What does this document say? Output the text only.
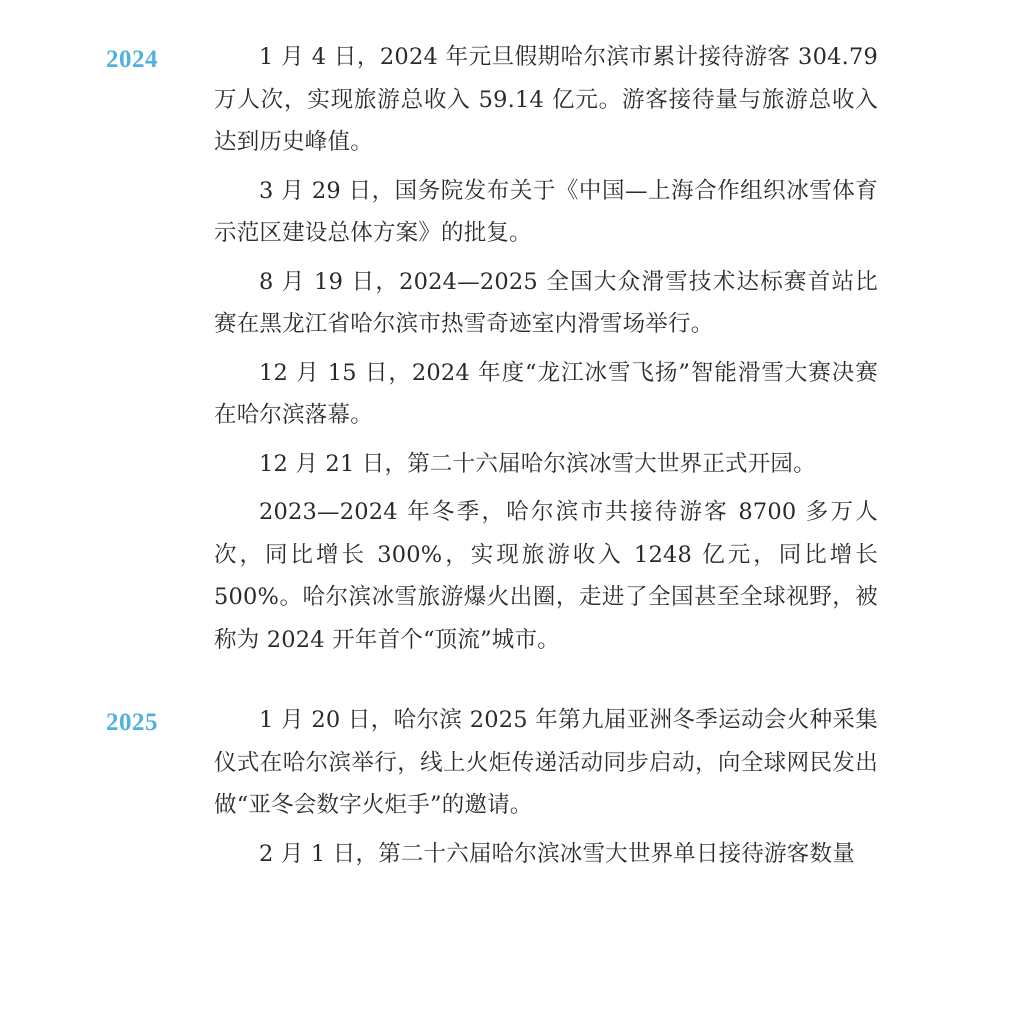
2024	1 月 4 日，2024 年元旦假期哈尔滨市累计接待游客 304.79 万人次，实现旅游总收入 59.14 亿元。游客接待量与旅游总收入达到历史峰值。

3 月 29 日，国务院发布关于《中国—上海合作组织冰雪体育示范区建设总体方案》的批复。

8 月 19 日，2024—2025 全国大众滑雪技术达标赛首站比赛在黑龙江省哈尔滨市热雪奇迹室内滑雪场举行。

12 月 15 日，2024 年度“龙江冰雪飞扬”智能滑雪大赛决赛在哈尔滨落幕。

12 月 21 日，第二十六届哈尔滨冰雪大世界正式开园。

2023—2024 年冬季，哈尔滨市共接待游客 8700 多万人次，同比增长 300%，实现旅游收入 1248 亿元，同比增长 500%。哈尔滨冰雪旅游爆火出圈，走进了全国甚至全球视野，被称为 2024 开年首个“顶流”城市。

2025	1 月 20 日，哈尔滨 2025 年第九届亚洲冬季运动会火种采集仪式在哈尔滨举行，线上火炬传递活动同步启动，向全球网民发出做“亚冬会数字火炬手”的邀请。

2 月 1 日，第二十六届哈尔滨冰雪大世界单日接待游客数量
